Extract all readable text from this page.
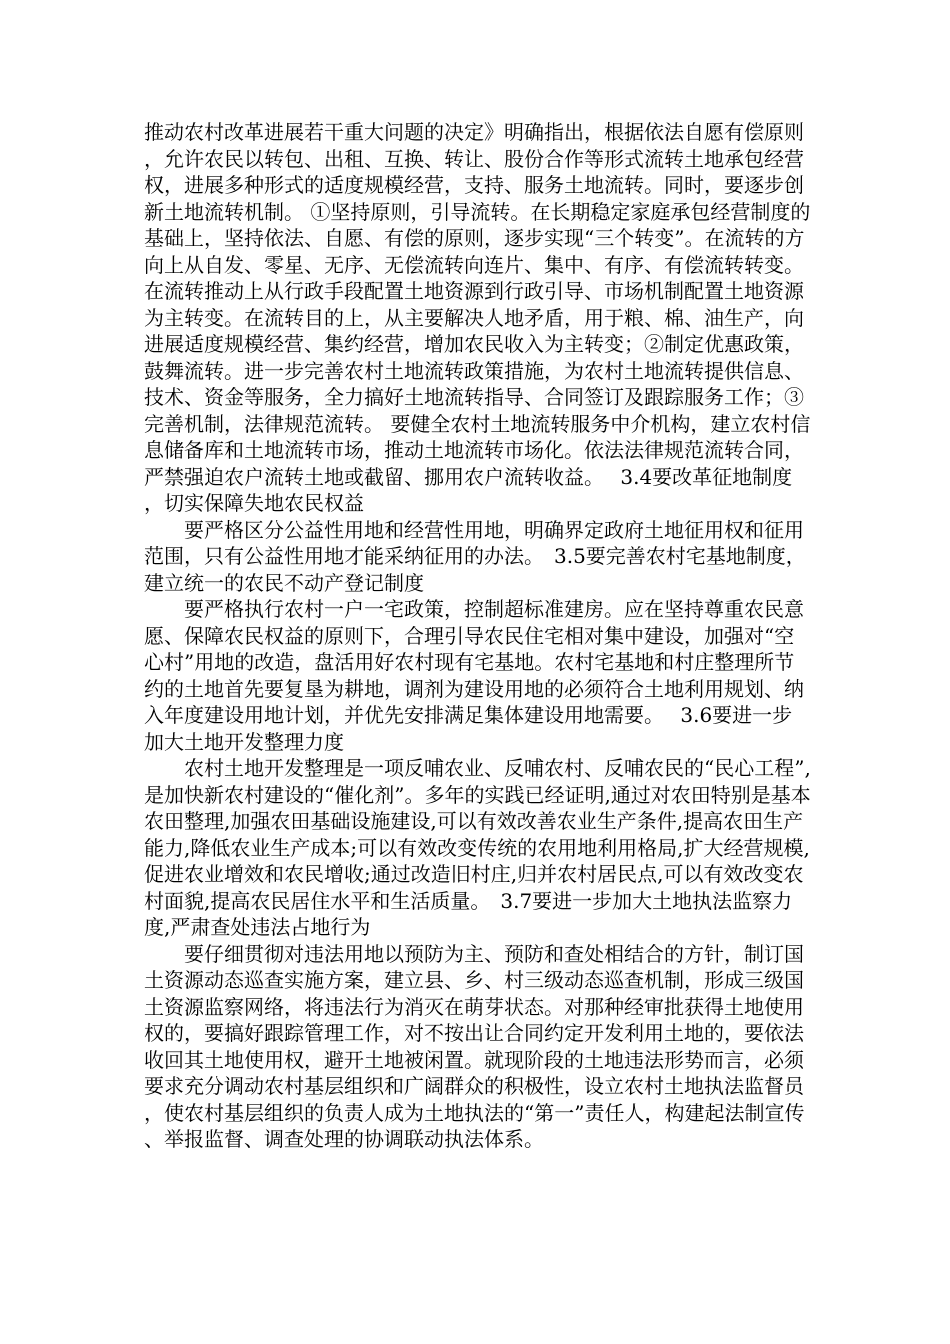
推动农村改革进展若干重大问题的决定》明确指出，根据依法自愿有偿原则，允许农民以转包、出租、互换、转让、股份合作等形式流转土地承包经营权，进展多种形式的适度规模经营，支持、服务土地流转。同时，要逐步创新土地流转机制。 ①坚持原则，引导流转。在长期稳定家庭承包经营制度的基础上，坚持依法、自愿、有偿的原则，逐步实现“三个转变”。在流转的方向上从自发、零星、无序、无偿流转向连片、集中、有序、有偿流转转变。在流转推动上从行政手段配置土地资源到行政引导、市场机制配置土地资源为主转变。在流转目的上，从主要解决人地矛盾，用于粮、棉、油生产，向进展适度规模经营、集约经营，增加农民收入为主转变；②制定优惠政策，鼓舞流转。进一步完善农村土地流转政策措施，为农村土地流转提供信息、技术、资金等服务，全力搞好土地流转指导、合同签订及跟踪服务工作；③完善机制，法律规范流转。 要健全农村土地流转服务中介机构，建立农村信息储备库和土地流转市场，推动土地流转市场化。依法法律规范流转合同，严禁强迫农户流转土地或截留、挪用农户流转收益。　 3.4要改革征地制度，切实保障失地农民权益

要严格区分公益性用地和经营性用地，明确界定政府土地征用权和征用范围，只有公益性用地才能采纳征用的办法。　3.5要完善农村宅基地制度，建立统一的农民不动产登记制度

要严格执行农村一户一宅政策，控制超标准建房。应在坚持尊重农民意愿、保障农民权益的原则下，合理引导农民住宅相对集中建设，加强对“空心村”用地的改造，盘活用好农村现有宅基地。农村宅基地和村庄整理所节约的土地首先要复垦为耕地，调剂为建设用地的必须符合土地利用规划、纳入年度建设用地计划，并优先安排满足集体建设用地需要。　 3.6要进一步加大土地开发整理力度

农村土地开发整理是一项反哺农业、反哺农村、反哺农民的“民心工程”,是加快新农村建设的“催化剂”。多年的实践已经证明,通过对农田特别是基本农田整理,加强农田基础设施建设,可以有效改善农业生产条件,提高农田生产能力,降低农业生产成本;可以有效改变传统的农用地利用格局,扩大经营规模,促进农业增效和农民增收;通过改造旧村庄,归并农村居民点,可以有效改变农村面貌,提高农民居住水平和生活质量。　3.7要进一步加大土地执法监察力度,严肃查处违法占地行为

要仔细贯彻对违法用地以预防为主、预防和查处相结合的方针，制订国土资源动态巡查实施方案，建立县、乡、村三级动态巡查机制，形成三级国土资源监察网络，将违法行为消灭在萌芽状态。对那种经审批获得土地使用权的，要搞好跟踪管理工作，对不按出让合同约定开发利用土地的，要依法收回其土地使用权，避开土地被闲置。就现阶段的土地违法形势而言，必须要求充分调动农村基层组织和广阔群众的积极性，设立农村土地执法监督员，使农村基层组织的负责人成为土地执法的“第一”责任人，构建起法制宣传、举报监督、调查处理的协调联动执法体系。
